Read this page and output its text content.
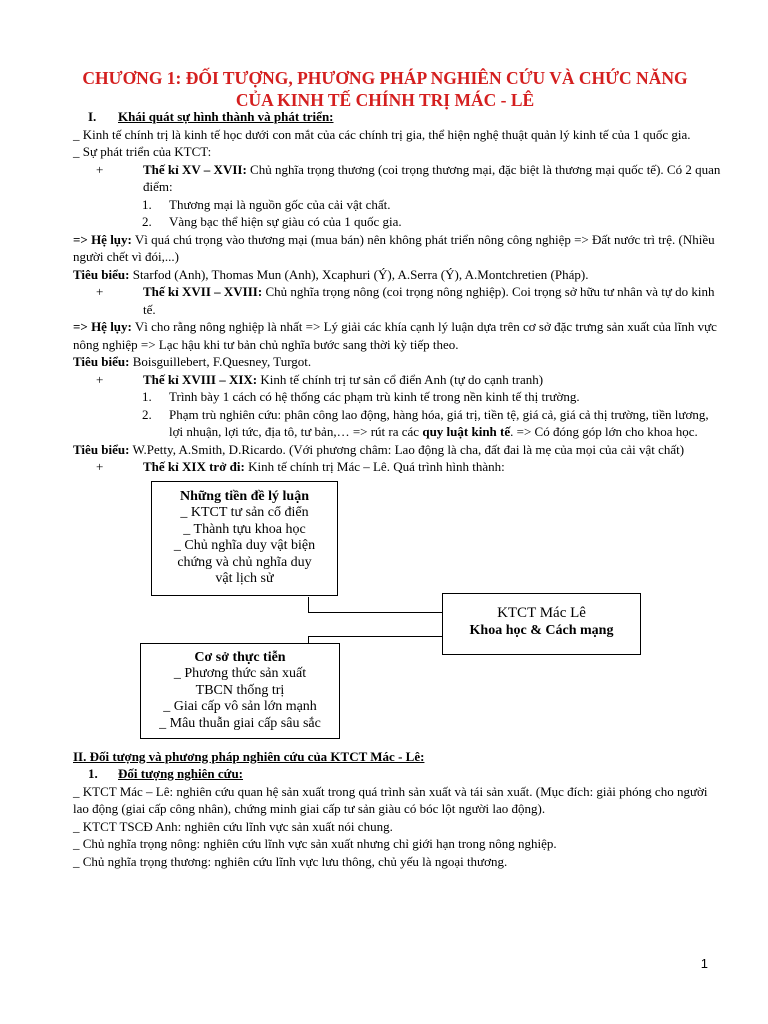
CHƯƠNG 1: ĐỐI TƯỢNG, PHƯƠNG PHÁP NGHIÊN CỨU VÀ CHỨC NĂNG
CỦA KINH TẾ CHÍNH TRỊ MÁC - LÊ
I.	Khái quát sự hình thành và phát triển:

_ Kinh tế chính trị là kinh tế học dưới con mắt của các chính trị gia, thể hiện nghệ thuật quản lý kinh tế của 1 quốc gia.

_ Sự phát triển của KTCT:

+	Thế kỉ XV – XVII: Chủ nghĩa trọng thương (coi trọng thương mại, đặc biệt là thương mại quốc tế). Có 2 quan điểm:
1.	Thương mại là nguồn gốc của cải vật chất.
2.	Vàng bạc thể hiện sự giàu có của 1 quốc gia.

=> Hệ lụy: Vì quá chú trọng vào thương mại (mua bán) nên không phát triển nông công nghiệp => Đất nước trì trệ. (Nhiều người chết vì đói,...)

Tiêu biểu: Starfod (Anh), Thomas Mun (Anh), Xcaphuri (Ý), A.Serra (Ý), A.Montchretien (Pháp).

+	Thế kỉ XVII – XVIII: Chủ nghĩa trọng nông (coi trọng nông nghiệp). Coi trọng sở hữu tư nhân và tự do kinh tế.

=> Hệ lụy: Vì cho rằng nông nghiệp là nhất => Lý giải các khía cạnh lý luận dựa trên cơ sở đặc trưng sản xuất của lĩnh vực nông nghiệp => Lạc hậu khi tư bản chủ nghĩa bước sang thời kỳ tiếp theo.

Tiêu biểu: Boisguillebert, F.Quesney, Turgot.

+	Thế kỉ XVIII – XIX: Kinh tế chính trị tư sản cổ điển Anh (tự do cạnh tranh)
1.	Trình bày 1 cách có hệ thống các phạm trù kinh tế trong nền kinh tế thị trường.
2.	Phạm trù nghiên cứu: phân công lao động, hàng hóa, giá trị, tiền tệ, giá cả, giá cả thị trường, tiền lương, lợi nhuận, lợi tức, địa tô, tư bản,… => rút ra các quy luật kinh tế. => Có đóng góp lớn cho khoa học.

Tiêu biểu: W.Petty, A.Smith, D.Ricardo. (Với phương châm: Lao động là cha, đất đai là mẹ của mọi của cải vật chất)

+	Thế kỉ XIX trở đi: Kinh tế chính trị Mác – Lê. Quá trình hình thành:
Những tiền đề lý luận
_ KTCT tư sản cổ điển
_ Thành tựu khoa học
_ Chủ nghĩa duy vật biện
chứng và chủ nghĩa duy
vật lịch sử
KTCT Mác Lê
Khoa học & Cách mạng
Cơ sở thực tiễn
_ Phương thức sản xuất
TBCN thống trị
_ Giai cấp vô sản lớn mạnh
_ Mâu thuẫn giai cấp sâu sắc

II. Đối tượng và phương pháp nghiên cứu của KTCT Mác - Lê:

1.	Đối tượng nghiên cứu:

_ KTCT Mác – Lê: nghiên cứu quan hệ sản xuất trong quá trình sản xuất và tái sản xuất. (Mục đích: giải phóng cho người lao động (giai cấp công nhân), chứng minh giai cấp tư sản giàu có bóc lột người lao động).

_ KTCT TSCĐ Anh: nghiên cứu lĩnh vực sản xuất nói chung.

_ Chủ nghĩa trọng nông: nghiên cứu lĩnh vực sản xuất nhưng chỉ giới hạn trong nông nghiệp.

_ Chủ nghĩa trọng thương: nghiên cứu lĩnh vực lưu thông, chủ yếu là ngoại thương.

1
